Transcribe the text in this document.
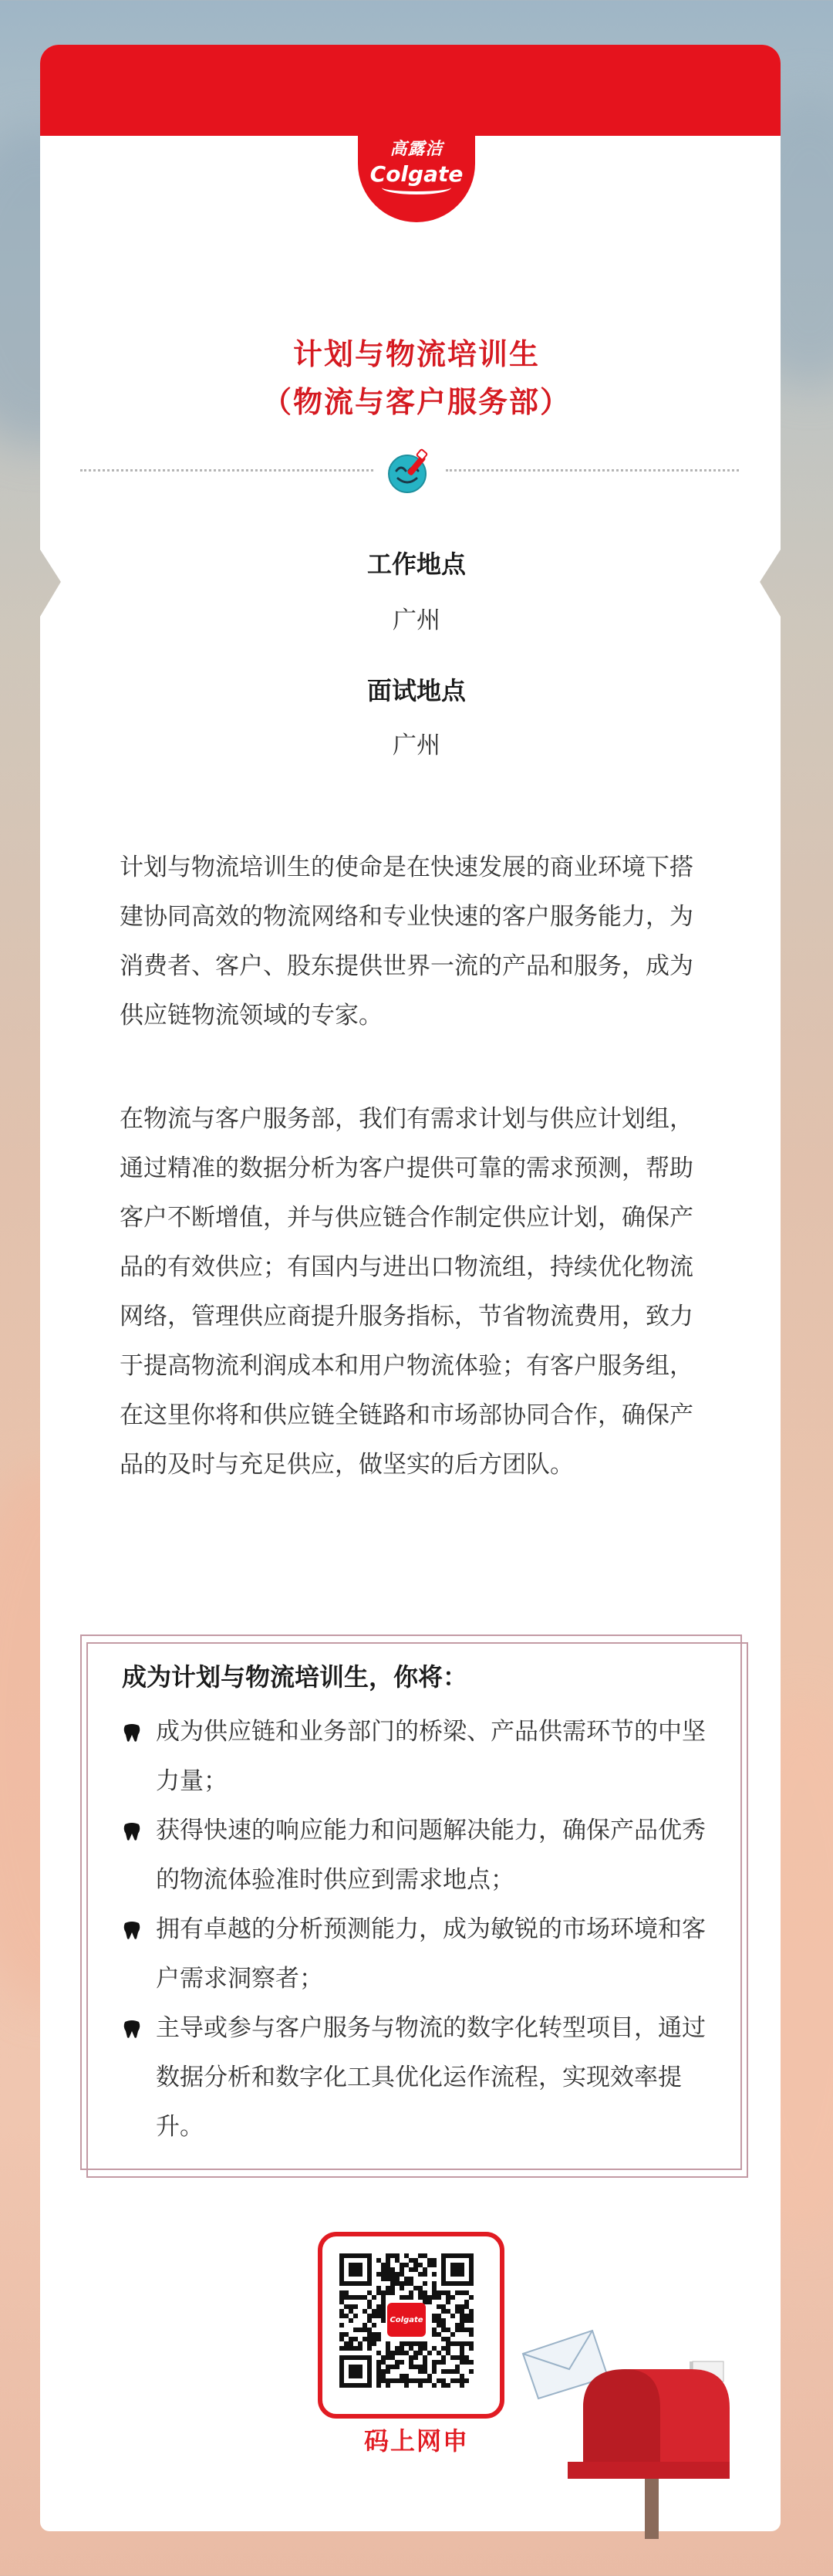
高露洁
Colgate
计划与物流培训生
（物流与客户服务部）
工作地点
广州
面试地点
广州
计划与物流培训生的使命是在快速发展的商业环境下搭建协同高效的物流网络和专业快速的客户服务能力，为消费者、客户、股东提供世界一流的产品和服务，成为供应链物流领域的专家。
在物流与客户服务部，我们有需求计划与供应计划组，通过精准的数据分析为客户提供可靠的需求预测，帮助客户不断增值，并与供应链合作制定供应计划，确保产品的有效供应；有国内与进出口物流组，持续优化物流网络，管理供应商提升服务指标，节省物流费用，致力于提高物流利润成本和用户物流体验；有客户服务组，在这里你将和供应链全链路和市场部协同合作，确保产品的及时与充足供应，做坚实的后方团队。
成为计划与物流培训生，你将：
成为供应链和业务部门的桥梁、产品供需环节的中坚力量；
获得快速的响应能力和问题解决能力，确保产品优秀的物流体验准时供应到需求地点；
拥有卓越的分析预测能力，成为敏锐的市场环境和客户需求洞察者；
主导或参与客户服务与物流的数字化转型项目，通过数据分析和数字化工具优化运作流程，实现效率提升。
Colgate
码上网申
